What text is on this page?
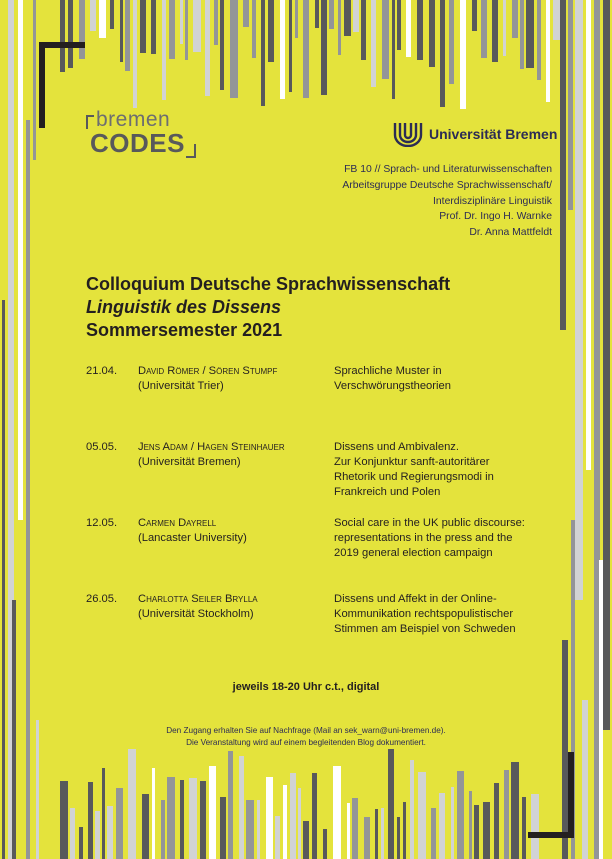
bremen
CODES	Universität Bremen
FB 10 // Sprach- und Literaturwissenschaften
Arbeitsgruppe Deutsche Sprachwissenschaft/
Interdisziplinäre Linguistik
Prof. Dr. Ingo H. Warnke
Dr. Anna Mattfeldt
Colloquium Deutsche Sprachwissenschaft
Linguistik des Dissens
Sommersemester 2021
21.04. David Römer / Sören Stumpf
(Universität Trier)
Sprachliche Muster in
Verschwörungstheorien
05.05. Jens Adam / Hagen Steinhauer
(Universität Bremen)
Dissens und Ambivalenz.
Zur Konjunktur sanft-autoritärer
Rhetorik und Regierungsmodi in
Frankreich und Polen
12.05. Carmen Dayrell
(Lancaster University)
Social care in the UK public discourse:
representations in the press and the
2019 general election campaign
26.05. Charlotta Seiler Brylla
(Universität Stockholm)
Dissens und Affekt in der Online-
Kommunikation rechtspopulistischer
Stimmen am Beispiel von Schweden
jeweils 18-20 Uhr c.t., digital
Den Zugang erhalten Sie auf Nachfrage (Mail an sek_warn@uni-bremen.de).
Die Veranstaltung wird auf einem begleitenden Blog dokumentiert.
